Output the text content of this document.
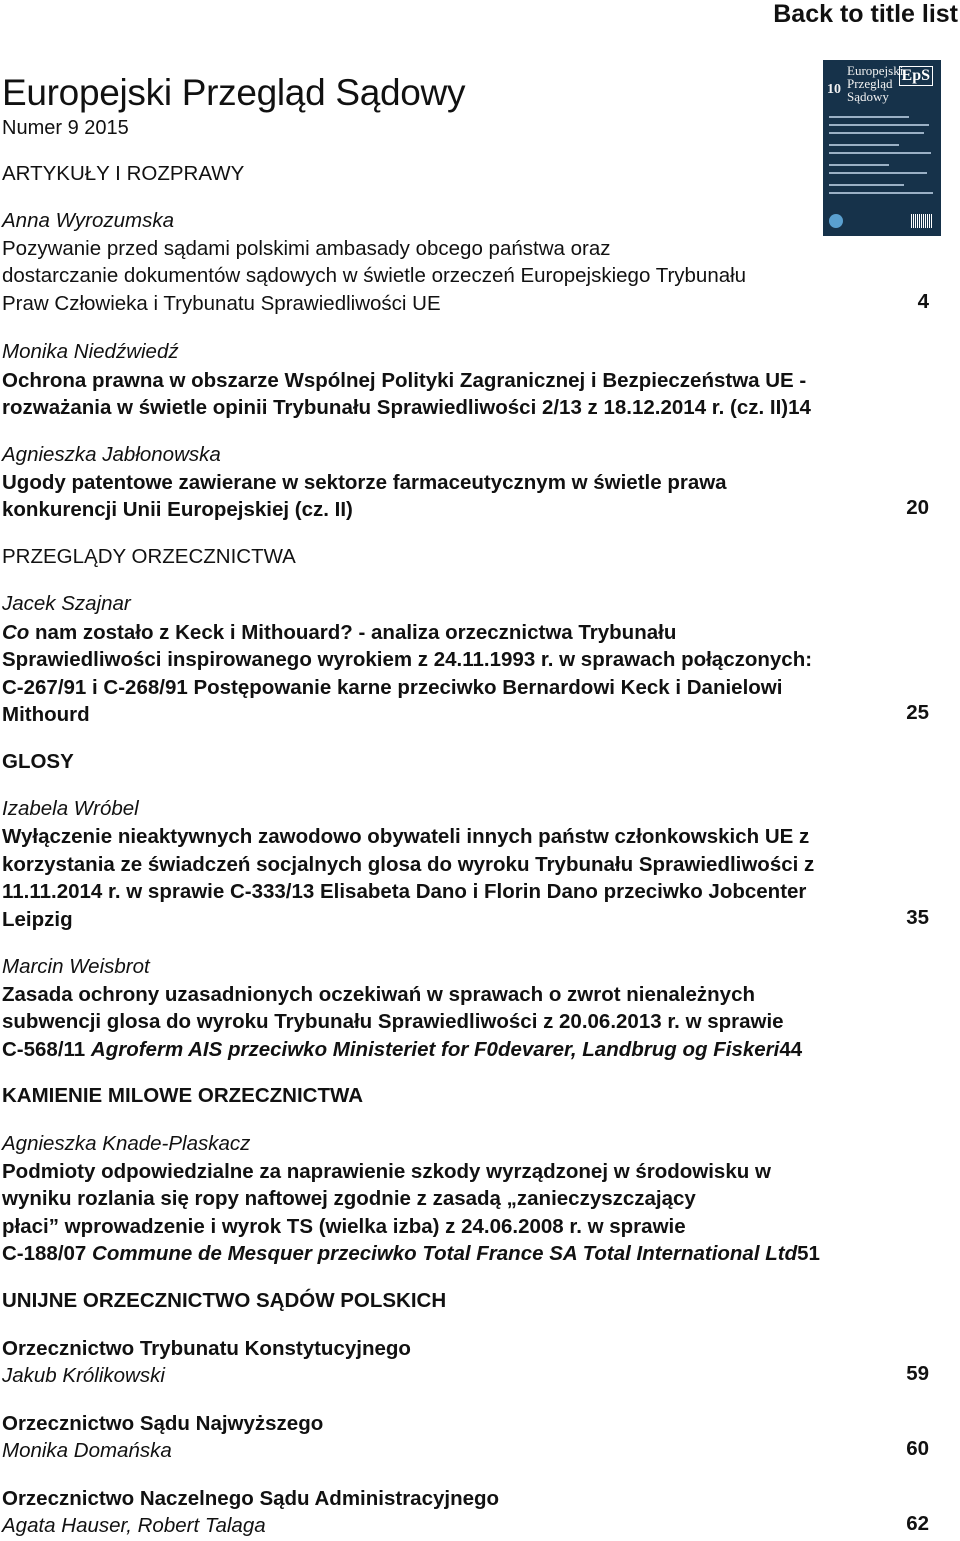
Back to title list
Europejski
Przegląd
Sądowy
10
EpS
Europejski Przegląd Sądowy
Numer 9 2015
ARTYKUŁY I ROZPRAWY
Anna Wyrozumska
Pozywanie przed sądami polskimi ambasady obcego państwa oraz
dostarczanie dokumentów sądowych w świetle orzeczeń Europejskiego Trybunału
Praw Człowieka i Trybunatu Sprawiedliwości UE	4
Monika Niedźwiedź
Ochrona prawna w obszarze Wspólnej Polityki Zagranicznej i Bezpieczeństwa UE -
rozważania w świetle opinii Trybunału Sprawiedliwości 2/13 z 18.12.2014 r. (cz. II)14
Agnieszka Jabłonowska
Ugody patentowe zawierane w sektorze farmaceutycznym w świetle prawa
konkurencji Unii Europejskiej (cz. II)	20
PRZEGLĄDY ORZECZNICTWA
Jacek Szajnar
Co nam zostało z Keck i Mithouard? - analiza orzecznictwa Trybunału
Sprawiedliwości inspirowanego wyrokiem z 24.11.1993 r. w sprawach połączonych:
C-267/91 i C-268/91 Postępowanie karne przeciwko Bernardowi Keck i Danielowi
Mithourd	25
GLOSY
Izabela Wróbel
Wyłączenie nieaktywnych zawodowo obywateli innych państw członkowskich UE z
korzystania ze świadczeń socjalnych glosa do wyroku Trybunału Sprawiedliwości z
11.11.2014 r. w sprawie C-333/13 Elisabeta Dano i Florin Dano przeciwko Jobcenter
Leipzig	35
Marcin Weisbrot
Zasada ochrony uzasadnionych oczekiwań w sprawach o zwrot nienależnych
subwencji glosa do wyroku Trybunału Sprawiedliwości z 20.06.2013 r. w sprawie
C-568/11 Agroferm AIS przeciwko Ministeriet for F0devarer, Landbrug og Fiskeri44
KAMIENIE MILOWE ORZECZNICTWA
Agnieszka Knade-Plaskacz
Podmioty odpowiedzialne za naprawienie szkody wyrządzonej w środowisku w
wyniku rozlania się ropy naftowej zgodnie z zasadą „zanieczyszczający
płaci” wprowadzenie i wyrok TS (wielka izba) z 24.06.2008 r. w sprawie
C-188/07 Commune de Mesquer przeciwko Total France SA Total International Ltd51
UNIJNE ORZECZNICTWO SĄDÓW POLSKICH
Orzecznictwo Trybunatu Konstytucyjnego
Jakub Królikowski	59
Orzecznictwo Sądu Najwyższego
Monika Domańska	60
Orzecznictwo Naczelnego Sądu Administracyjnego
Agata Hauser, Robert Talaga	62
